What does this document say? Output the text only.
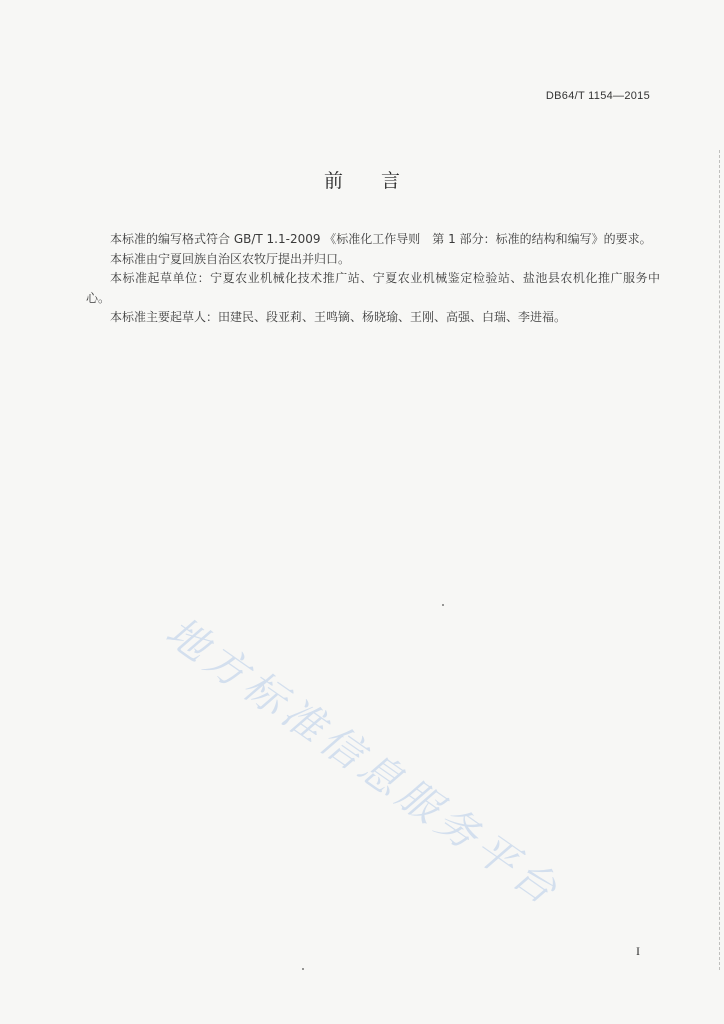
DB64/T 1154—2015
前言

本标准的编写格式符合 GB/T 1.1-2009 《标准化工作导则　第 1 部分：标准的结构和编写》的要求。

本标准由宁夏回族自治区农牧厅提出并归口。

本标准起草单位：宁夏农业机械化技术推广站、宁夏农业机械鉴定检验站、盐池县农机化推广服务中心。

本标准主要起草人：田建民、段亚莉、王鸣镝、杨晓瑜、王刚、高强、白瑞、李进福。

地方标准信息服务平台
I
